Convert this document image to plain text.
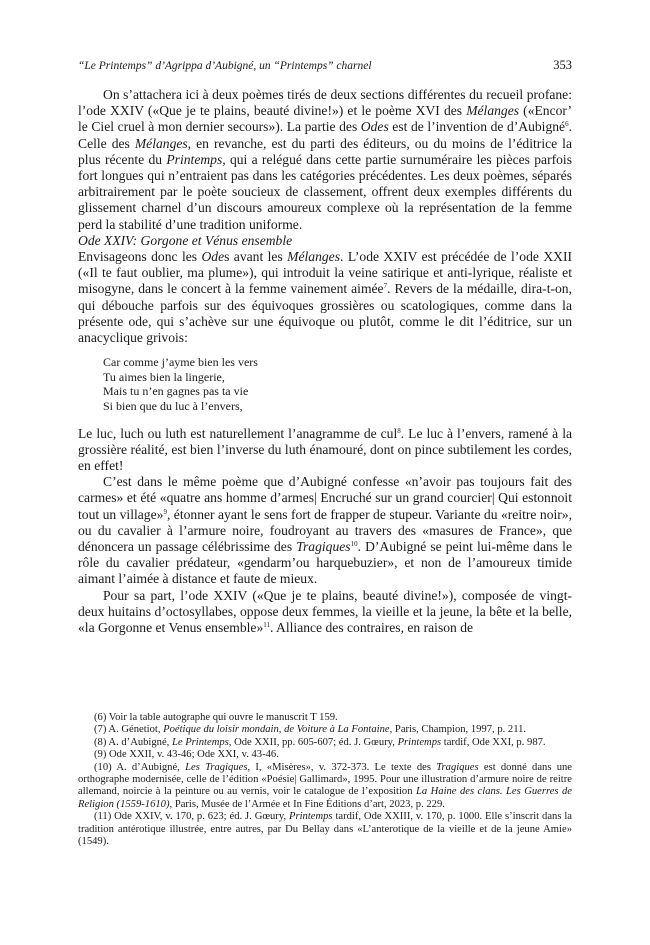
“Le Printemps” d’Agrippa d’Aubigné, un “Printemps” charnel	353

On s’attachera ici à deux poèmes tirés de deux sections différentes du recueil profane: l’ode XXIV («Que je te plains, beauté divine!») et le poème XVI des Mélanges («Encor’ le Ciel cruel à mon dernier secours»). La partie des Odes est de l’invention de d’Aubigné$^6$. Celle des Mélanges, en revanche, est du parti des éditeurs, ou du moins de l’éditrice la plus récente du Printemps, qui a relégué dans cette partie surnuméraire les pièces parfois fort longues qui n’entraient pas dans les catégories précédentes. Les deux poèmes, séparés arbitrairement par le poète soucieux de classement, offrent deux exemples différents du glissement charnel d’un discours amoureux complexe où la représentation de la femme perd la stabilité d’une tradition uniforme.

Ode XXIV: Gorgone et Vénus ensemble

Envisageons donc les Odes avant les Mélanges. L’ode XXIV est précédée de l’ode XXII («Il te faut oublier, ma plume»), qui introduit la veine satirique et anti-lyrique, réaliste et misogyne, dans le concert à la femme vainement aimée$^7$. Revers de la médaille, dira-t-on, qui débouche parfois sur des équivoques grossières ou scatologiques, comme dans la présente ode, qui s’achève sur une équivoque ou plutôt, comme le dit l’éditrice, sur un anacyclique grivois:

Car comme j’ayme bien les vers
Tu aimes bien la lingerie,
Mais tu n’en gagnes pas ta vie
Si bien que du luc à l’envers,

Le luc, luch ou luth est naturellement l’anagramme de cul$^8$. Le luc à l’envers, ramené à la grossière réalité, est bien l’inverse du luth énamouré, dont on pince subtilement les cordes, en effet!

C’est dans le même poème que d’Aubigné confesse «n’avoir pas toujours fait des carmes» et été «quatre ans homme d’armes| Encruché sur un grand courcier| Qui estonnoit tout un village»$^9$, étonner ayant le sens fort de frapper de stupeur. Variante du «reitre noir», ou du cavalier à l’armure noire, foudroyant au travers des «masures de France», que dénoncera un passage célébrissime des Tragiques$^{10}$. D’Aubigné se peint lui-même dans le rôle du cavalier prédateur, «gendarm’ou harquebuzier», et non de l’amoureux timide aimant l’aimée à distance et faute de mieux.

Pour sa part, l’ode XXIV («Que je te plains, beauté divine!»), composée de vingt-deux huitains d’octosyllabes, oppose deux femmes, la vieille et la jeune, la bête et la belle, «la Gorgonne et Venus ensemble»$^{11}$. Alliance des contraires, en raison de

(6) Voir la table autographe qui ouvre le manuscrit T 159.

(7) A. Génetiot, Poétique du loisir mondain, de Voiture à La Fontaine, Paris, Champion, 1997, p. 211.

(8) A. d’Aubigné, Le Printemps, Ode XXII, pp. 605-607; éd. J. Gœury, Printemps tardif, Ode XXI, p. 987.

(9) Ode XXII, v. 43-46; Ode XXI, v. 43-46.

(10) A. d’Aubigné, Les Tragiques, I, «Misères», v. 372-373. Le texte des Tragiques est donné dans une orthographe modernisée, celle de l’édition «Poésie| Gallimard», 1995. Pour une illustration d’armure noire de reitre allemand, noircie à la peinture ou au vernis, voir le catalogue de l’exposition La Haine des clans. Les Guerres de Religion (1559-1610), Paris, Musée de l’Armée et In Fine Éditions d’art, 2023, p. 229.

(11) Ode XXIV, v. 170, p. 623; éd. J. Gœury, Printemps tardif, Ode XXIII, v. 170, p. 1000. Elle s’inscrit dans la tradition antérotique illustrée, entre autres, par Du Bellay dans «L’anterotique de la vieille et de la jeune Amie» (1549).
